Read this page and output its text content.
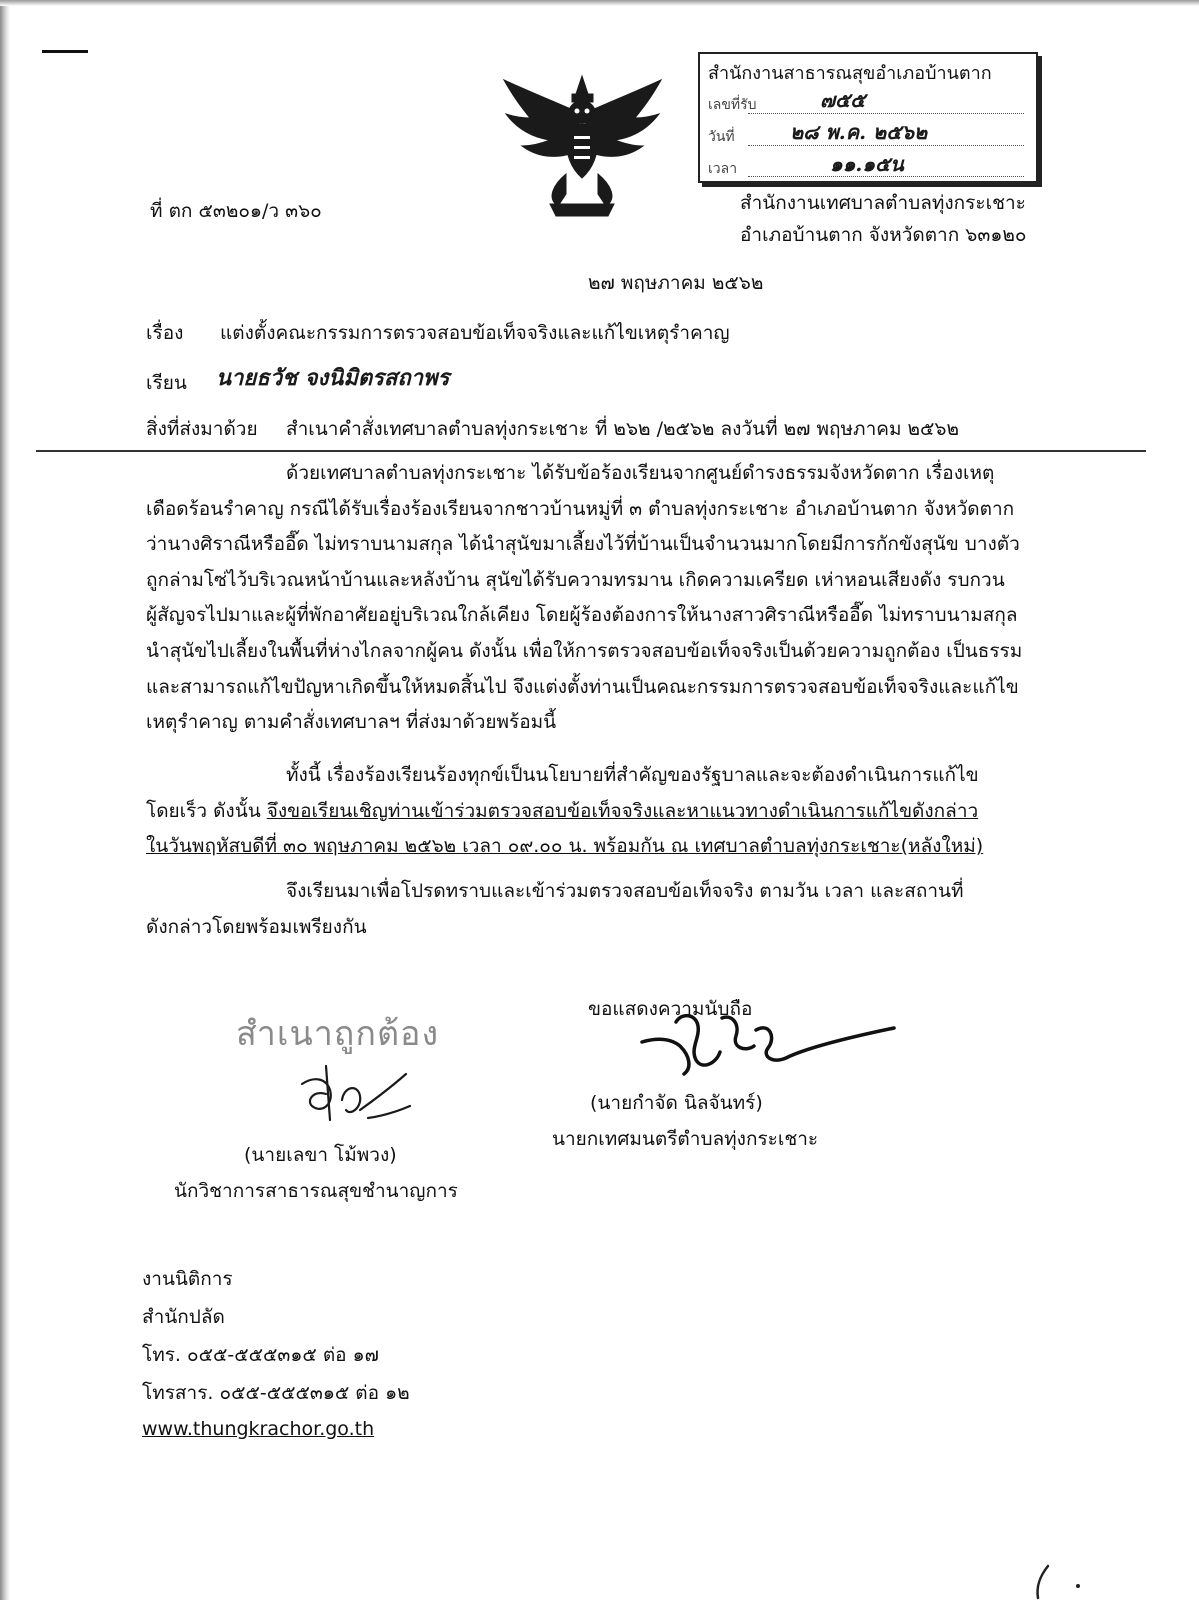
สำนักงานสาธารณสุขอำเภอบ้านตาก
เลขที่รับ	๗๕๕
วันที่	๒๘ พ.ค. ๒๕๖๒
เวลา	๑๑.๑๕น
ที่ ตก ๕๓๒๐๑/ว ๓๖๐	สำนักงานเทศบาลตำบลทุ่งกระเชาะ
อำเภอบ้านตาก จังหวัดตาก ๖๓๑๒๐
๒๗ พฤษภาคม ๒๕๖๒
เรื่อง แต่งตั้งคณะกรรมการตรวจสอบข้อเท็จจริงและแก้ไขเหตุรำคาญ
เรียน นายธวัช จงนิมิตรสถาพร
สิ่งที่ส่งมาด้วย สำเนาคำสั่งเทศบาลตำบลทุ่งกระเชาะ ที่ ๒๖๒ /๒๕๖๒ ลงวันที่ ๒๗ พฤษภาคม ๒๕๖๒

ด้วยเทศบาลตำบลทุ่งกระเชาะ ได้รับข้อร้องเรียนจากศูนย์ดำรงธรรมจังหวัดตาก เรื่องเหตุ

เดือดร้อนรำคาญ กรณีได้รับเรื่องร้องเรียนจากชาวบ้านหมู่ที่ ๓ ตำบลทุ่งกระเชาะ อำเภอบ้านตาก จังหวัดตาก

ว่านางศิราณีหรืออี๊ด ไม่ทราบนามสกุล ได้นำสุนัขมาเลี้ยงไว้ที่บ้านเป็นจำนวนมากโดยมีการกักขังสุนัข บางตัว

ถูกล่ามโซ่ไว้บริเวณหน้าบ้านและหลังบ้าน สุนัขได้รับความทรมาน เกิดความเครียด เห่าหอนเสียงดัง รบกวน

ผู้สัญจรไปมาและผู้ที่พักอาศัยอยู่บริเวณใกล้เคียง โดยผู้ร้องต้องการให้นางสาวศิราณีหรืออี๊ด ไม่ทราบนามสกุล

นำสุนัขไปเลี้ยงในพื้นที่ห่างไกลจากผู้คน ดังนั้น เพื่อให้การตรวจสอบข้อเท็จจริงเป็นด้วยความถูกต้อง เป็นธรรม

และสามารถแก้ไขปัญหาเกิดขึ้นให้หมดสิ้นไป จึงแต่งตั้งท่านเป็นคณะกรรมการตรวจสอบข้อเท็จจริงและแก้ไข

เหตุรำคาญ ตามคำสั่งเทศบาลฯ ที่ส่งมาด้วยพร้อมนี้

ทั้งนี้ เรื่องร้องเรียนร้องทุกข์เป็นนโยบายที่สำคัญของรัฐบาลและจะต้องดำเนินการแก้ไข

โดยเร็ว ดังนั้น จึงขอเรียนเชิญท่านเข้าร่วมตรวจสอบข้อเท็จจริงและหาแนวทางดำเนินการแก้ไขดังกล่าว

ในวันพฤหัสบดีที่ ๓๐ พฤษภาคม ๒๕๖๒ เวลา ๐๙.๐๐ น. พร้อมกัน ณ เทศบาลตำบลทุ่งกระเชาะ(หลังใหม่)

จึงเรียนมาเพื่อโปรดทราบและเข้าร่วมตรวจสอบข้อเท็จจริง ตามวัน เวลา และสถานที่

ดังกล่าวโดยพร้อมเพรียงกัน

ขอแสดงความนับถือ
(นายกำจัด นิลจันทร์)
นายกเทศมนตรีตำบลทุ่งกระเชาะ
สำเนาถูกต้อง
(นายเลขา โม้พวง)
นักวิชาการสาธารณสุขชำนาญการ
งานนิติการ
สำนักปลัด
โทร. ๐๕๕-๕๕๕๓๑๕ ต่อ ๑๗
โทรสาร. ๐๕๕-๕๕๕๓๑๕ ต่อ ๑๒
www.thungkrachor.go.th
